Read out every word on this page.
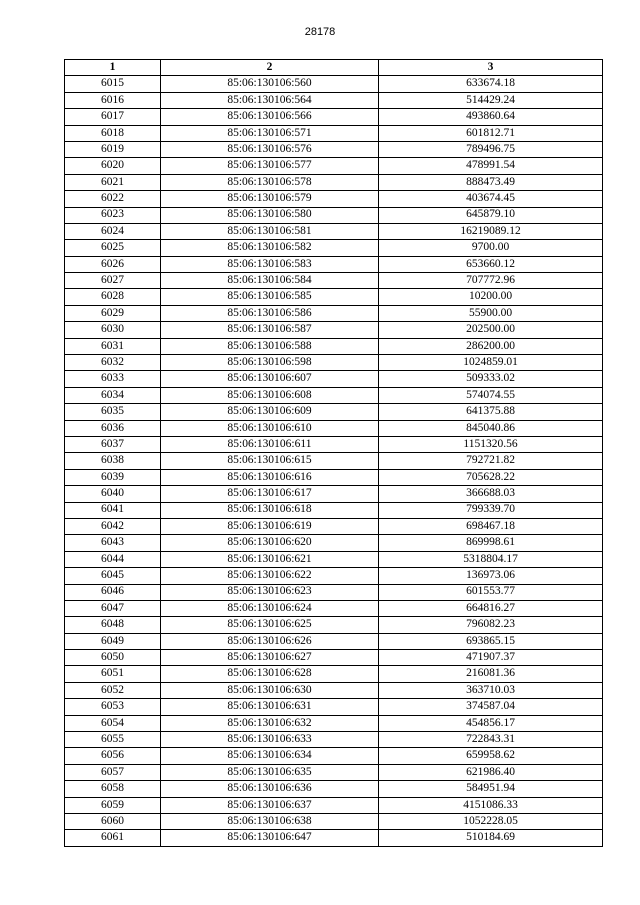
28178
1	2	3
6015	85:06:130106:560	633674.18
6016	85:06:130106:564	514429.24
6017	85:06:130106:566	493860.64
6018	85:06:130106:571	601812.71
6019	85:06:130106:576	789496.75
6020	85:06:130106:577	478991.54
6021	85:06:130106:578	888473.49
6022	85:06:130106:579	403674.45
6023	85:06:130106:580	645879.10
6024	85:06:130106:581	16219089.12
6025	85:06:130106:582	9700.00
6026	85:06:130106:583	653660.12
6027	85:06:130106:584	707772.96
6028	85:06:130106:585	10200.00
6029	85:06:130106:586	55900.00
6030	85:06:130106:587	202500.00
6031	85:06:130106:588	286200.00
6032	85:06:130106:598	1024859.01
6033	85:06:130106:607	509333.02
6034	85:06:130106:608	574074.55
6035	85:06:130106:609	641375.88
6036	85:06:130106:610	845040.86
6037	85:06:130106:611	1151320.56
6038	85:06:130106:615	792721.82
6039	85:06:130106:616	705628.22
6040	85:06:130106:617	366688.03
6041	85:06:130106:618	799339.70
6042	85:06:130106:619	698467.18
6043	85:06:130106:620	869998.61
6044	85:06:130106:621	5318804.17
6045	85:06:130106:622	136973.06
6046	85:06:130106:623	601553.77
6047	85:06:130106:624	664816.27
6048	85:06:130106:625	796082.23
6049	85:06:130106:626	693865.15
6050	85:06:130106:627	471907.37
6051	85:06:130106:628	216081.36
6052	85:06:130106:630	363710.03
6053	85:06:130106:631	374587.04
6054	85:06:130106:632	454856.17
6055	85:06:130106:633	722843.31
6056	85:06:130106:634	659958.62
6057	85:06:130106:635	621986.40
6058	85:06:130106:636	584951.94
6059	85:06:130106:637	4151086.33
6060	85:06:130106:638	1052228.05
6061	85:06:130106:647	510184.69
